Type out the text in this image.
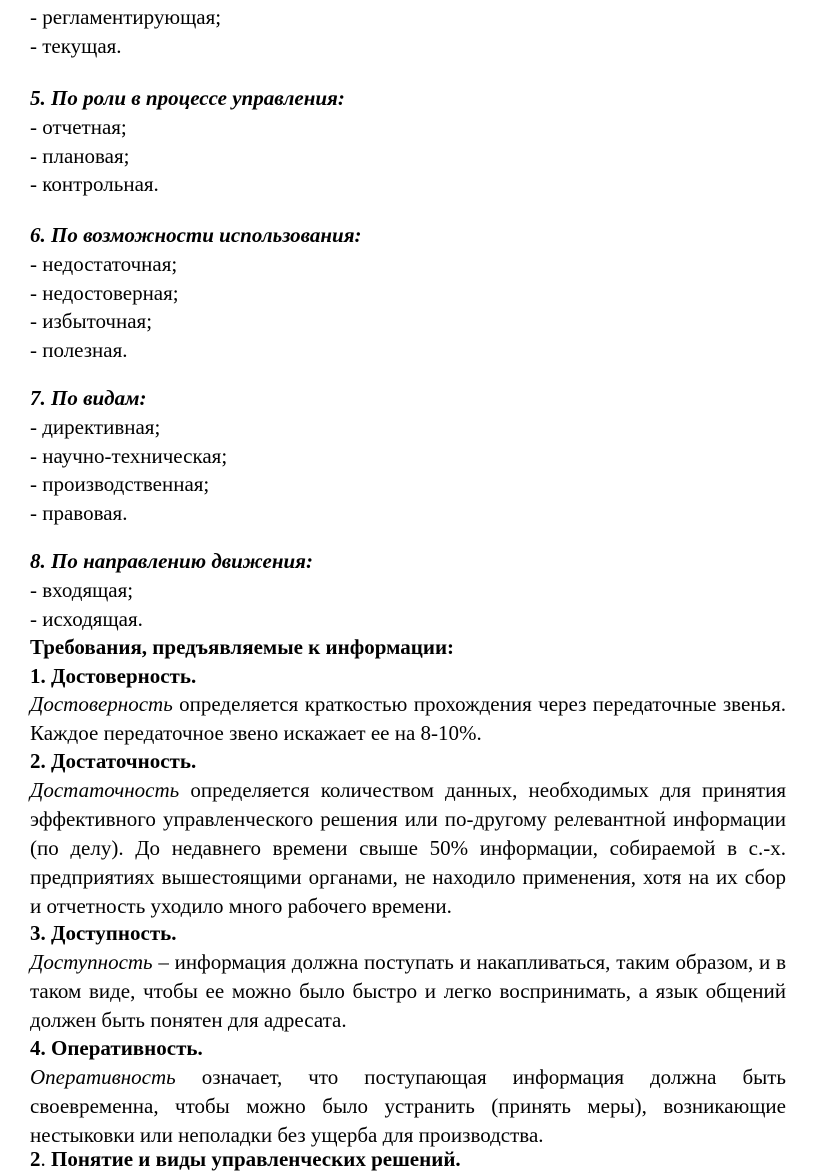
- регламентирующая;
- текущая.
5. По роли в процессе управления:
- отчетная;
- плановая;
- контрольная.
6. По возможности использования:
- недостаточная;
- недостоверная;
- избыточная;
- полезная.
7. По видам:
- директивная;
- научно-техническая;
- производственная;
- правовая.
8. По направлению движения:
- входящая;
- исходящая.
Требования, предъявляемые к информации:
1. Достоверность.
Достоверность определяется краткостью прохождения через передаточные звенья. Каждое передаточное звено искажает ее на 8-10%.
2. Достаточность.
Достаточность определяется количеством данных, необходимых для принятия эффективного управленческого решения или по-другому релевантной информации (по делу). До недавнего времени свыше 50% информации, собираемой в с.-х. предприятиях вышестоящими органами, не находило применения, хотя на их сбор и отчетность уходило много рабочего времени.
3. Доступность.
Доступность – информация должна поступать и накапливаться, таким образом, и в таком виде, чтобы ее можно было быстро и легко воспринимать, а язык общений должен быть понятен для адресата.
4. Оперативность.
Оперативность означает, что поступающая информация должна быть своевременна, чтобы можно было устранить (принять меры), возникающие нестыковки или неполадки без ущерба для производства.
2. Понятие и виды управленческих решений.
